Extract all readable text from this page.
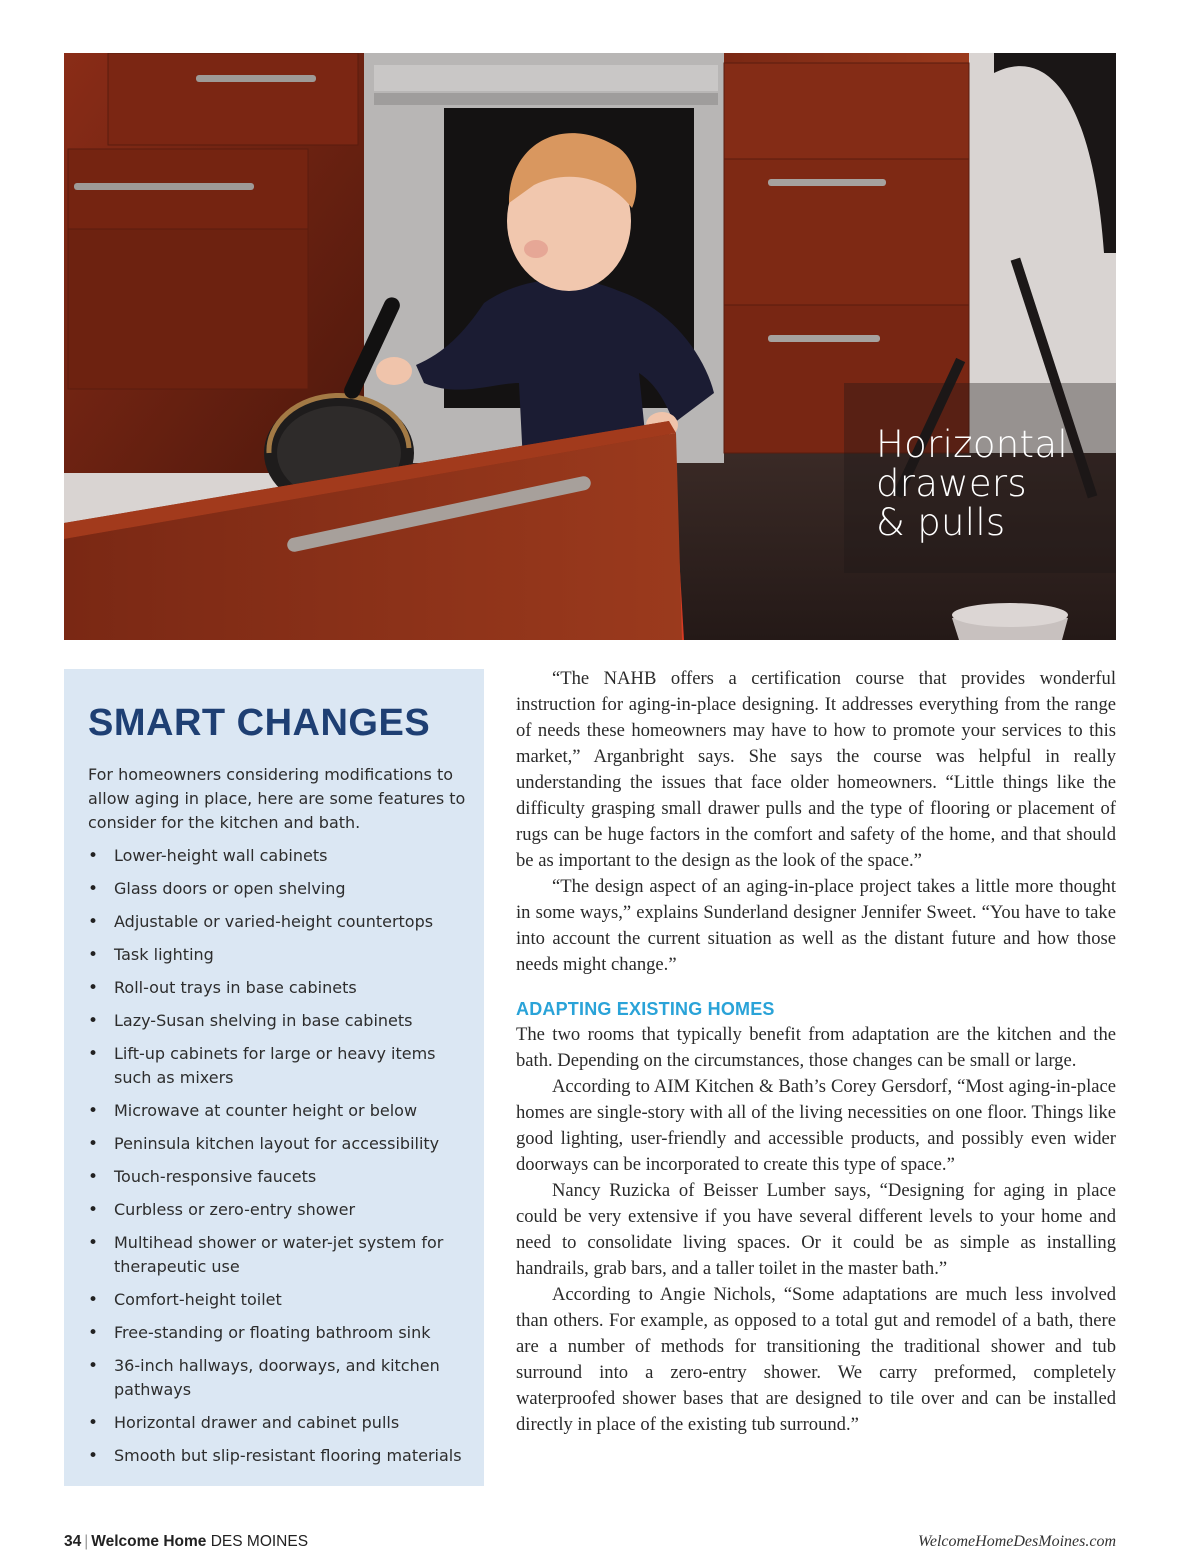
Horizontal
drawers
& pulls
SMART CHANGES

For homeowners considering modifications to allow aging in place, here are some features to consider for the kitchen and bath.

• Lower-height wall cabinets
• Glass doors or open shelving
• Adjustable or varied-height countertops
• Task lighting
• Roll-out trays in base cabinets
• Lazy-Susan shelving in base cabinets
• Lift-up cabinets for large or heavy items such as mixers
• Microwave at counter height or below
• Peninsula kitchen layout for accessibility
• Touch-responsive faucets
• Curbless or zero-entry shower
• Multihead shower or water-jet system for therapeutic use
• Comfort-height toilet
• Free-standing or floating bathroom sink
• 36-inch hallways, doorways, and kitchen pathways
• Horizontal drawer and cabinet pulls
• Smooth but slip-resistant flooring materials

“The NAHB offers a certification course that provides wonderful instruction for aging-in-place designing. It addresses everything from the range of needs these homeowners may have to how to promote your services to this market,” Arganbright says. She says the course was helpful in really understanding the issues that face older homeowners. “Little things like the difficulty grasping small drawer pulls and the type of flooring or placement of rugs can be huge factors in the comfort and safety of the home, and that should be as important to the design as the look of the space.”

“The design aspect of an aging-in-place project takes a little more thought in some ways,” explains Sunderland designer Jennifer Sweet. “You have to take into account the current situation as well as the distant future and how those needs might change.”

ADAPTING EXISTING HOMES

The two rooms that typically benefit from adaptation are the kitchen and the bath. Depending on the circumstances, those changes can be small or large.

According to AIM Kitchen & Bath’s Corey Gersdorf, “Most aging-in-place homes are single-story with all of the living necessities on one floor. Things like good lighting, user-friendly and accessible products, and possibly even wider doorways can be incorporated to create this type of space.”

Nancy Ruzicka of Beisser Lumber says, “Designing for aging in place could be very extensive if you have several different levels to your home and need to consolidate living spaces. Or it could be as simple as installing handrails, grab bars, and a taller toilet in the master bath.”

According to Angie Nichols, “Some adaptations are much less involved than others. For example, as opposed to a total gut and remodel of a bath, there are a number of methods for transitioning the traditional shower and tub surround into a zero-entry shower. We carry preformed, completely waterproofed shower bases that are designed to tile over and can be installed directly in place of the existing tub surround.”

34 | Welcome Home DES MOINES	WelcomeHomeDesMoines.com
